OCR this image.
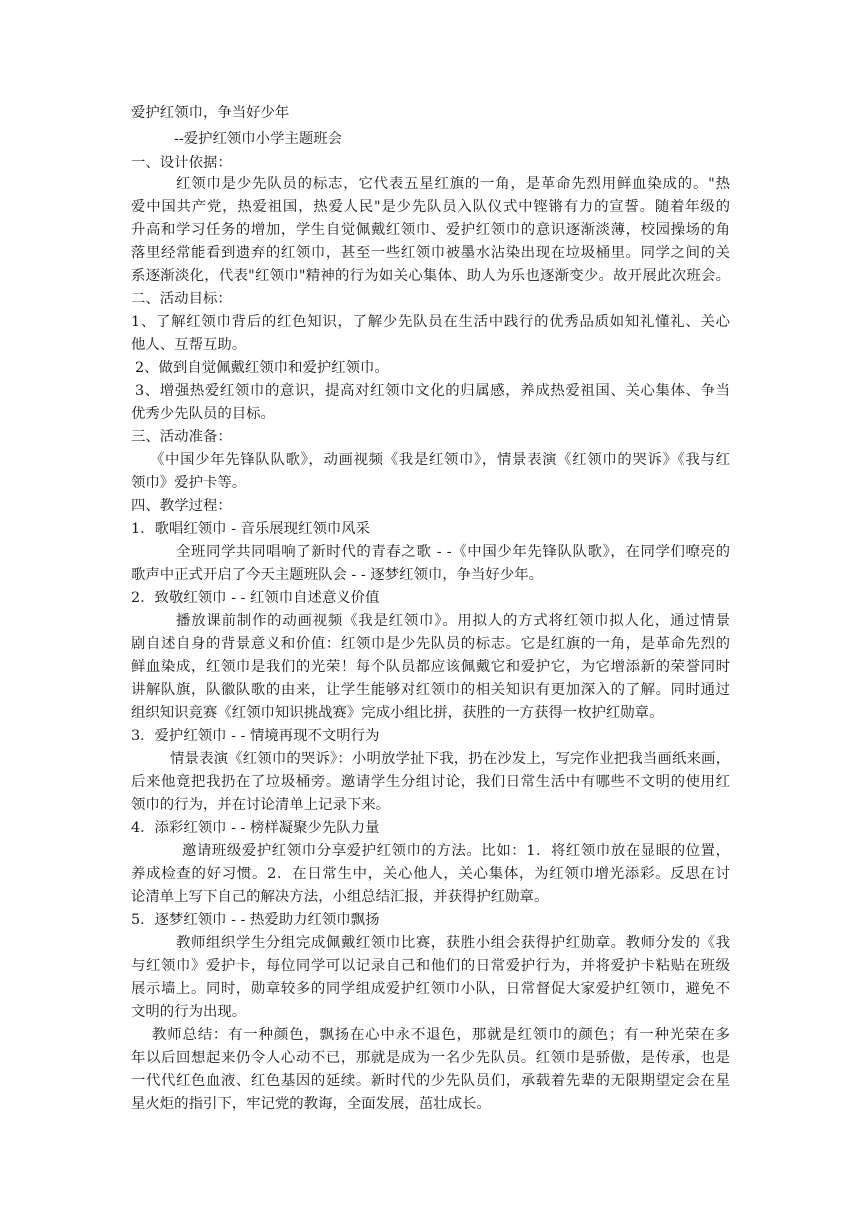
爱护红领巾，争当好少年
--爱护红领巾小学主题班会
一、设计依据：
红领巾是少先队员的标志，它代表五星红旗的一角，是革命先烈用鲜血染成的。"热
爱中国共产党，热爱祖国，热爱人民"是少先队员入队仪式中铿锵有力的宣誓。随着年级的
升高和学习任务的增加，学生自觉佩戴红领巾、爱护红领巾的意识逐渐淡薄，校园操场的角
落里经常能看到遗弃的红领巾，甚至一些红领巾被墨水沾染出现在垃圾桶里。同学之间的关
系逐渐淡化，代表"红领巾"精神的行为如关心集体、助人为乐也逐渐变少。故开展此次班会。
二、活动目标：
1、了解红领巾背后的红色知识，了解少先队员在生活中践行的优秀品质如知礼懂礼、关心
他人、互帮互助。
2、做到自觉佩戴红领巾和爱护红领巾。
3、增强热爱红领巾的意识，提高对红领巾文化的归属感，养成热爱祖国、关心集体、争当
优秀少先队员的目标。
三、活动准备：
《中国少年先锋队队歌》，动画视频《我是红领巾》，情景表演《红领巾的哭诉》《我与红
领巾》爱护卡等。
四、教学过程：
1．歌唱红领巾 - 音乐展现红领巾风采
全班同学共同唱响了新时代的青春之歌 - -《中国少年先锋队队歌》，在同学们嘹亮的
歌声中正式开启了今天主题班队会 - - 逐梦红领巾，争当好少年。
2．致敬红领巾 - - 红领巾自述意义价值
播放课前制作的动画视频《我是红领巾》。用拟人的方式将红领巾拟人化，通过情景
剧自述自身的背景意义和价值：红领巾是少先队员的标志。它是红旗的一角，是革命先烈的
鲜血染成，红领巾是我们的光荣！每个队员都应该佩戴它和爱护它，为它增添新的荣誉同时
讲解队旗，队徽队歌的由来，让学生能够对红领巾的相关知识有更加深入的了解。同时通过
组织知识竞赛《红领巾知识挑战赛》完成小组比拼，获胜的一方获得一枚护红勋章。
3．爱护红领巾 - - 情境再现不文明行为
情景表演《红领巾的哭诉》：小明放学扯下我，扔在沙发上，写完作业把我当画纸来画，
后来他竟把我扔在了垃圾桶旁。邀请学生分组讨论，我们日常生活中有哪些不文明的使用红
领巾的行为，并在讨论清单上记录下来。
4．添彩红领巾 - - 榜样凝聚少先队力量
邀请班级爱护红领巾分享爱护红领巾的方法。比如：1．将红领巾放在显眼的位置，
养成检查的好习惯。2．在日常生中，关心他人，关心集体，为红领巾增光添彩。反思在讨
论清单上写下自己的解决方法，小组总结汇报，并获得护红勋章。
5．逐梦红领巾 - - 热爱助力红领巾飘扬
教师组织学生分组完成佩戴红领巾比赛，获胜小组会获得护红勋章。教师分发的《我
与红领巾》爱护卡，每位同学可以记录自己和他们的日常爱护行为，并将爱护卡粘贴在班级
展示墙上。同时，勋章较多的同学组成爱护红领巾小队，日常督促大家爱护红领巾，避免不
文明的行为出现。
教师总结：有一种颜色，飘扬在心中永不退色，那就是红领巾的颜色；有一种光荣在多
年以后回想起来仍令人心动不已，那就是成为一名少先队员。红领巾是骄傲，是传承，也是
一代代红色血液、红色基因的延续。新时代的少先队员们，承载着先辈的无限期望定会在星
星火炬的指引下，牢记党的教诲，全面发展，茁壮成长。
